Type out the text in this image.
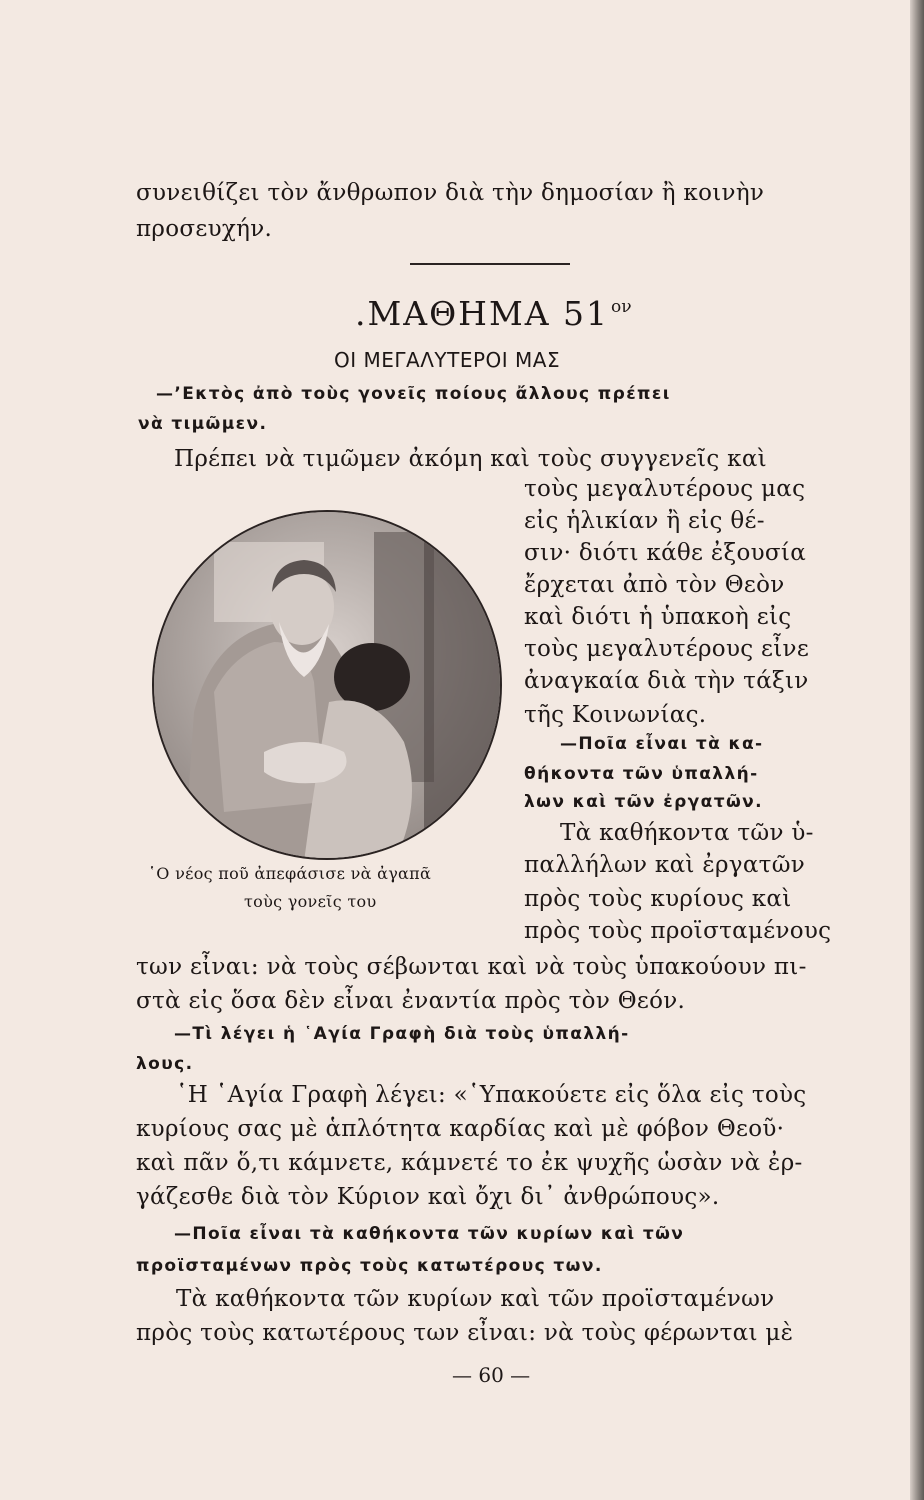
συνειθίζει τὸν ἄνθρωπον διὰ τὴν δημοσίαν ἢ κοινὴν
προσευχήν.
.ΜΑΘΗΜΑ 51 $^{o\nu}$
ΟΙ ΜΕΓΑΛΥΤΕΡΟΙ ΜΑΣ
—’Εκτὸς ἀπὸ τοὺς γονεῖς ποίους ἄλλους πρέπει
νὰ τιμῶμεν.
Πρέπει νὰ τιμῶμεν ἀκόμη καὶ τοὺς συγγενεῖς καὶ
τοὺς μεγαλυτέρους μας
εἰς ἡλικίαν ἢ εἰς θέ-
σιν· διότι κάθε ἐξουσία
ἔρχεται ἀπὸ τὸν Θεὸν
καὶ διότι ἡ ὑπακοὴ εἰς
τοὺς μεγαλυτέρους εἶνε
ἀναγκαία διὰ τὴν τάξιν
τῆς Κοινωνίας.
—Ποῖα εἶναι τὰ κα-
θήκοντα τῶν ὑπαλλή-
λων καὶ τῶν ἐργατῶν.
Τὰ καθήκοντα τῶν ὑ-
παλλήλων καὶ ἐργατῶν
πρὸς τοὺς κυρίους καὶ
πρὸς τοὺς προϊσταμένους
῾Ο νέος ποῦ ἀπεφάσισε νὰ ἀγαπᾶ
τοὺς γονεῖς του
των εἶναι: νὰ τοὺς σέβωνται καὶ νὰ τοὺς ὑπακούουν πι-
στὰ εἰς ὅσα δὲν εἶναι ἐναντία πρὸς τὸν Θεόν.
—Τὶ λέγει ἡ ῾Αγία Γραφὴ διὰ τοὺς ὑπαλλή-
λους.
῾Η ῾Αγία Γραφὴ λέγει: «῾Υπακούετε εἰς ὅλα εἰς τοὺς
κυρίους σας μὲ ἁπλότητα καρδίας καὶ μὲ φόβον Θεοῦ·
καὶ πᾶν ὅ,τι κάμνετε, κάμνετέ το ἐκ ψυχῆς ὡσὰν νὰ ἐρ-
γάζεσθε διὰ τὸν Κύριον καὶ ὄχι δι᾽ ἀνθρώπους».
—Ποῖα εἶναι τὰ καθήκοντα τῶν κυρίων καὶ τῶν
προϊσταμένων πρὸς τοὺς κατωτέρους των.
Τὰ καθήκοντα τῶν κυρίων καὶ τῶν προϊσταμένων
πρὸς τοὺς κατωτέρους των εἶναι: νὰ τοὺς φέρωνται μὲ
— 60 —
